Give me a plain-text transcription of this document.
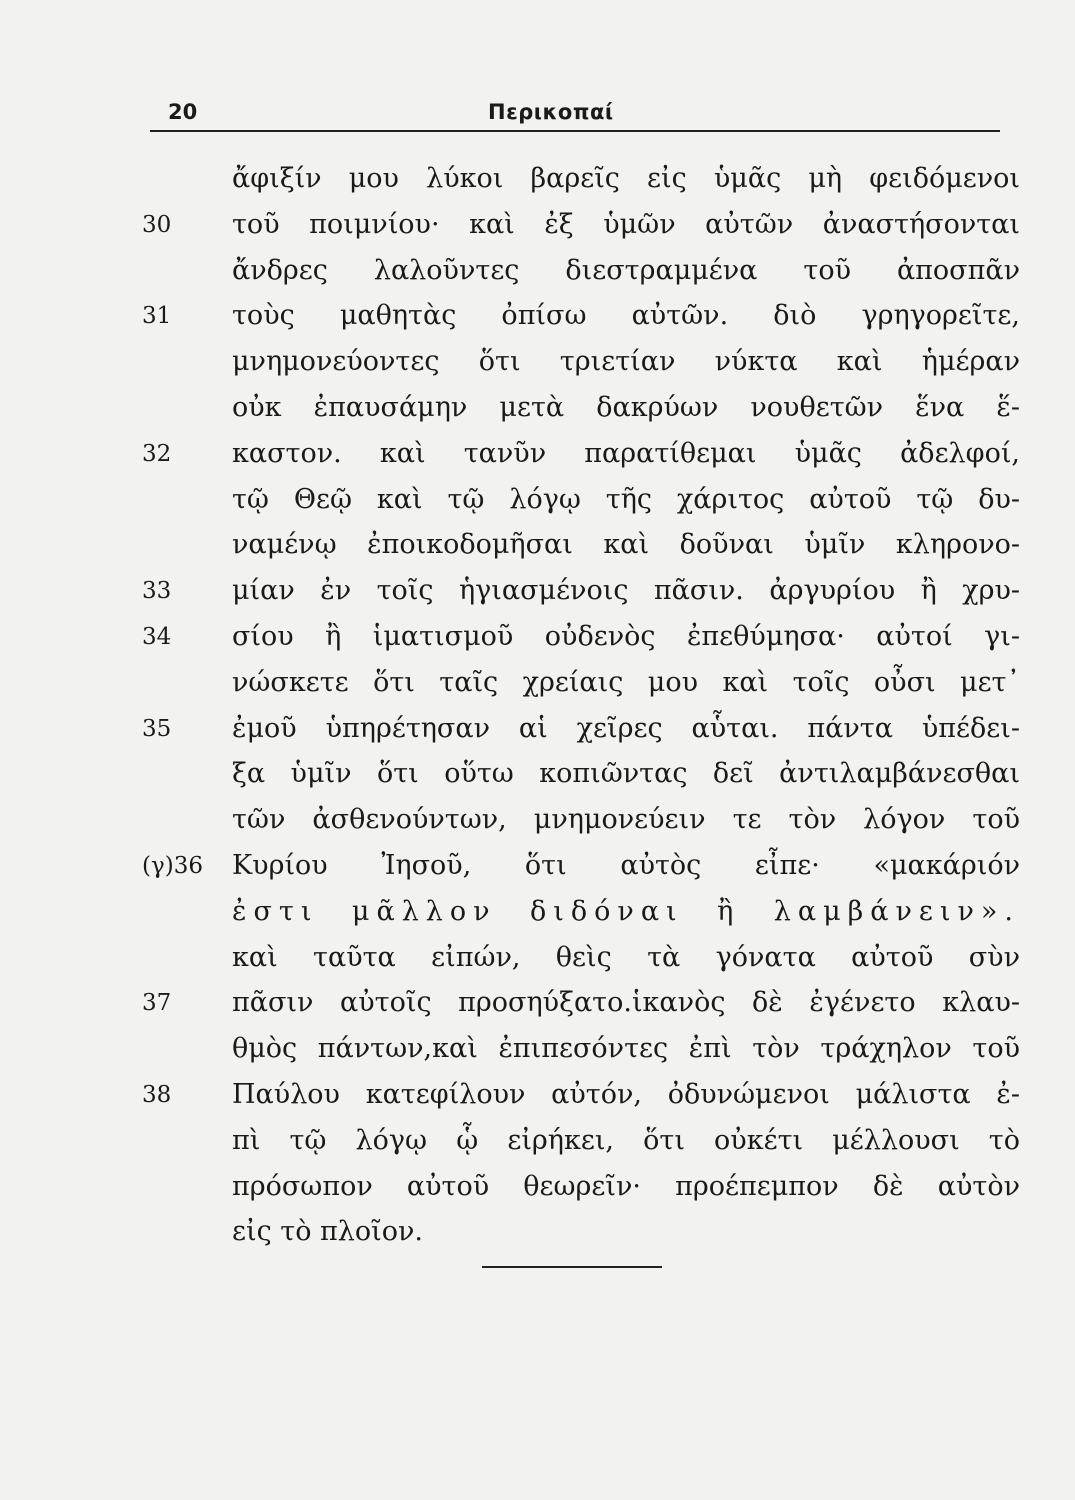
20	Περικοπαί
ἄφιξίν μου λύκοι βαρεῖς εἰς ὑμᾶς μὴ φειδόμενοι
30 τοῦ ποιμνίου· καὶ ἐξ ὑμῶν αὐτῶν ἀναστήσονται
ἄνδρες λαλοῦντες διεστραμμένα τοῦ ἀποσπᾶν
31 τοὺς μαθητὰς ὀπίσω αὐτῶν. διὸ γρηγορεῖτε,
μνημονεύοντες ὅτι τριετίαν νύκτα καὶ ἡμέραν
οὐκ ἐπαυσάμην μετὰ δακρύων νουθετῶν ἕνα ἕ-
32 καστον. καὶ τανῦν παρατίθεμαι ὑμᾶς ἀδελφοί,
τῷ Θεῷ καὶ τῷ λόγῳ τῆς χάριτος αὐτοῦ τῷ δυ-
ναμένῳ ἐποικοδομῆσαι καὶ δοῦναι ὑμῖν κληρονο-
33 μίαν ἐν τοῖς ἡγιασμένοις πᾶσιν. ἀργυρίου ἢ χρυ-
34 σίου ἢ ἱματισμοῦ οὐδενὸς ἐπεθύμησα· αὐτοί γι-
νώσκετε ὅτι ταῖς χρείαις μου καὶ τοῖς οὖσι μετ᾽
35 ἐμοῦ ὑπηρέτησαν αἱ χεῖρες αὗται. πάντα ὑπέδει-
ξα ὑμῖν ὅτι οὕτω κοπιῶντας δεῖ ἀντιλαμβάνεσθαι
τῶν ἀσθενούντων, μνημονεύειν τε τὸν λόγον τοῦ
(γ)36 Κυρίου Ἰησοῦ, ὅτι αὐτὸς εἶπε· «μακάριόν
ἐστι μᾶλλον διδόναι ἢ λαμβάνειν».
καὶ ταῦτα εἰπών, θεὶς τὰ γόνατα αὐτοῦ σὺν
37 πᾶσιν αὐτοῖς προσηύξατο.ἱκανὸς δὲ ἐγένετο κλαυ-
θμὸς πάντων,καὶ ἐπιπεσόντες ἐπὶ τὸν τράχηλον τοῦ
38 Παύλου κατεφίλουν αὐτόν, ὀδυνώμενοι μάλιστα ἐ-
πὶ τῷ λόγῳ ᾧ εἰρήκει, ὅτι οὐκέτι μέλλουσι τὸ
πρόσωπον αὐτοῦ θεωρεῖν· προέπεμπον δὲ αὐτὸν
εἰς τὸ πλοῖον.
